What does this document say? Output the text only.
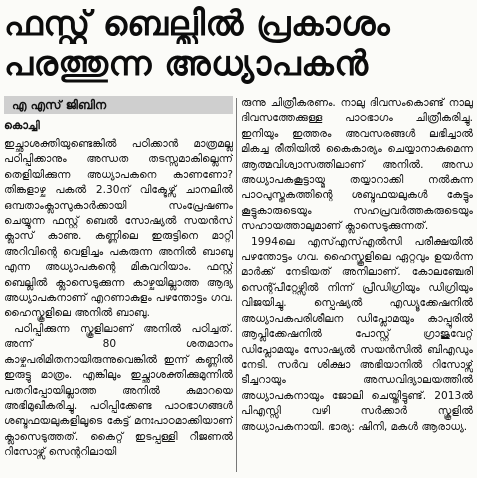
ഫസ്റ്റ് ബെല്ലിൽ പ്രകാശം
പരത്തുന്ന അധ്യാപകൻ
എ എസ് ജിബിന
കൊച്ചി

ഇച്ഛാശക്തിയുണ്ടെങ്കിൽ പഠിക്കാൻ മാത്രമല്ല പഠിപ്പിക്കാനും അന്ധത തടസ്സമാകില്ലെന്ന് തെളിയിക്കുന്ന അധ്യാപകനെ കാണണോ? തിങ്കളാഴ്ച പകൽ 2.30ന് വിക്ടേഴ്സ് ചാനലിൽ ഒമ്പതാംക്ലാസുകാർക്കായി സംപ്രേഷണം ചെയ്യുന്ന ഫസ്റ്റ് ബെൽ സോഷ്യൽ സയൻസ് ക്ലാസ് കാണു. കണ്ണിലെ ഇരുട്ടിനെ മാറ്റി അറിവിന്റെ വെളിച്ചം പകരുന്ന അനിൽ ബാബു എന്ന അധ്യാപകന്റെ മികവറിയാം. ഫസ്റ്റ് ബെല്ലിൽ ക്ലാസെടുക്കുന്ന കാഴ്ചയില്ലാത്ത ആദ്യ അധ്യാപകനാണ് എറണാകുളം പഴന്തോട്ടം ഗവ. ഹൈസ്കൂളിലെ അനിൽ ബാബു.

പഠിപ്പിക്കുന്ന സ്കൂളിലാണ് അനിൽ പഠിച്ചത്. അന്ന് 80 ശതമാനം കാഴ്ചപരിമിതനായിരുന്നുവെങ്കിൽ ഇന്ന് കണ്ണിൽ ഇരുട്ടു മാത്രം. എങ്കിലും ഇച്ഛാശക്തിക്കുമുന്നിൽ പതറിപ്പോയില്ലാത്ത അനിൽ കുമാറയെ അഭിമുഖീകരിച്ചു. പഠിപ്പിക്കേണ്ട പാഠഭാഗങ്ങൾ ശബ്ദഫയലുകളിലൂടെ കേട്ട് മനഃപാഠമാക്കിയാണ് ക്ലാസെടുത്തത്. കൈറ്റ് ഇടപ്പള്ളി റീജണൽ റിസോഴ്സ് സെന്ററിലായി

രുന്നു ചിത്രീകരണം. നാലു ദിവസംകൊണ്ട് നാലു ദിവസത്തേക്കുള്ള പാഠഭാഗം ചിത്രീകരിച്ചു. ഇനിയും ഇത്തരം അവസരങ്ങൾ ലഭിച്ചാൽ മികച്ച രീതിയിൽ കൈകാര്യം ചെയ്യാനാകുമെന്ന ആത്മവിശ്വാസത്തിലാണ് അനിൽ. അന്ധ അധ്യാപകകൂട്ടായ്മ തയ്യാറാക്കി നൽകുന്ന പാഠപുസ്തകത്തിന്റെ ശബ്ദഫയലുകൾ കേട്ടും കൂട്ടുകാരുടെയും സഹപ്രവർത്തകരുടെയും സഹായത്താലുമാണ് ക്ലാസെടുക്കുന്നത്.

1994ലെ എസ്എസ്എൽസി പരീക്ഷയിൽ പഴന്തോട്ടം ഗവ. ഹൈസ്കൂളിലെ ഏറ്റവും ഉയർന്ന മാർക്ക് നേടിയത് അനിലാണ്. കോലഞ്ചേരി സെന്റ്പീറ്റേഴ്സിൽ നിന്ന് പ്രീഡിഗ്രിയും ഡിഗ്രിയും വിജയിച്ചു. സ്പെഷ്യൽ എഡ്യൂക്കേഷനിൽ അധ്യാപകപരിശീലന ഡിപ്ലോമയും കാപ്പൂരിൽ ആപ്ലിക്കേഷനിൽ പോസ്റ്റ് ഗ്രാജുവേറ്റ് ഡിപ്ലോമയും സോഷ്യൽ സയൻസിൽ ബിഎഡും നേടി. സർവ ശിക്ഷാ അഭിയാനിൽ റിസോഴ്സ് ടീച്ചറായും അന്ധവിദ്യാലയത്തിൽ അധ്യാപകനായും ജോലി ചെയ്തിട്ടുണ്ട്. 2013ൽ പിഎസ്സി വഴി സർക്കാർ സ്കൂളിൽ അധ്യാപകനായി. ഭാര്യ: ഷിനി, മകൾ ആരാധ്യ.
